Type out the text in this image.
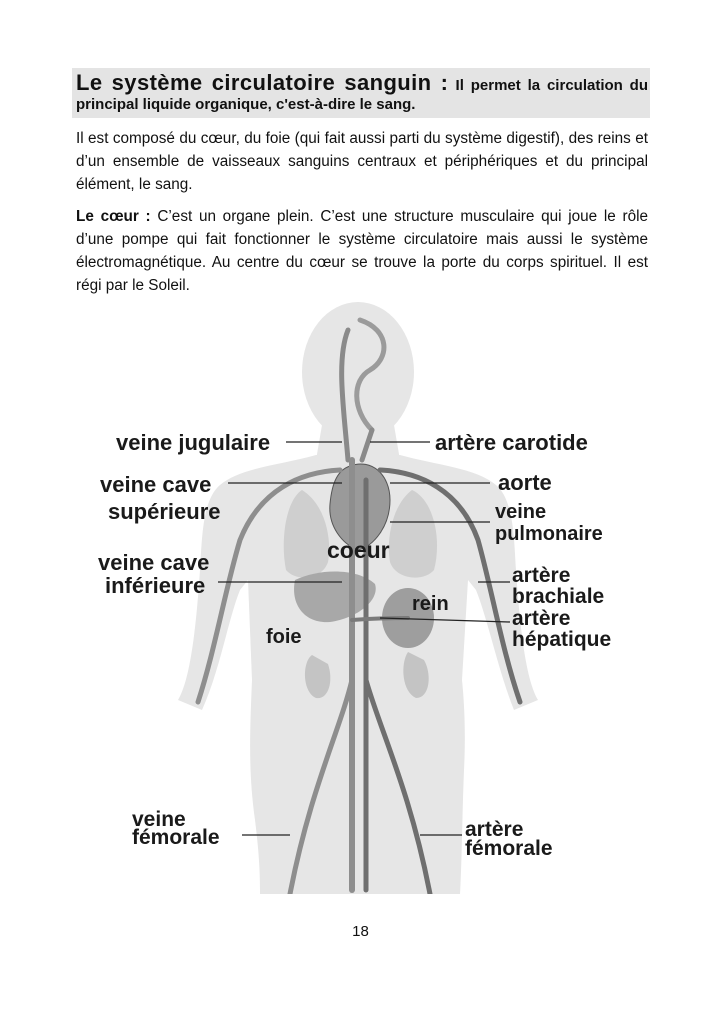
Le système circulatoire sanguin : Il permet la circulation du

principal liquide organique, c'est-à-dire le sang.

Il est composé du cœur, du foie (qui fait aussi parti du système digestif), des reins et d’un ensemble de vaisseaux sanguins centraux et périphériques et du principal élément, le sang.

Le cœur : C’est un organe plein. C’est une structure musculaire qui joue le rôle d’une pompe qui fait fonctionner le système circulatoire mais aussi le système électromagnétique. Au centre du cœur se trouve la porte du corps spirituel. Il est régi par le Soleil.

veine jugulaire	artère carotide
veine cave
supérieure
aorte
veine
pulmonaire
coeur
veine cave
inférieure	artère
brachiale
rein
artère
hépatique
foie
veine
fémorale	artère
fémorale

18
